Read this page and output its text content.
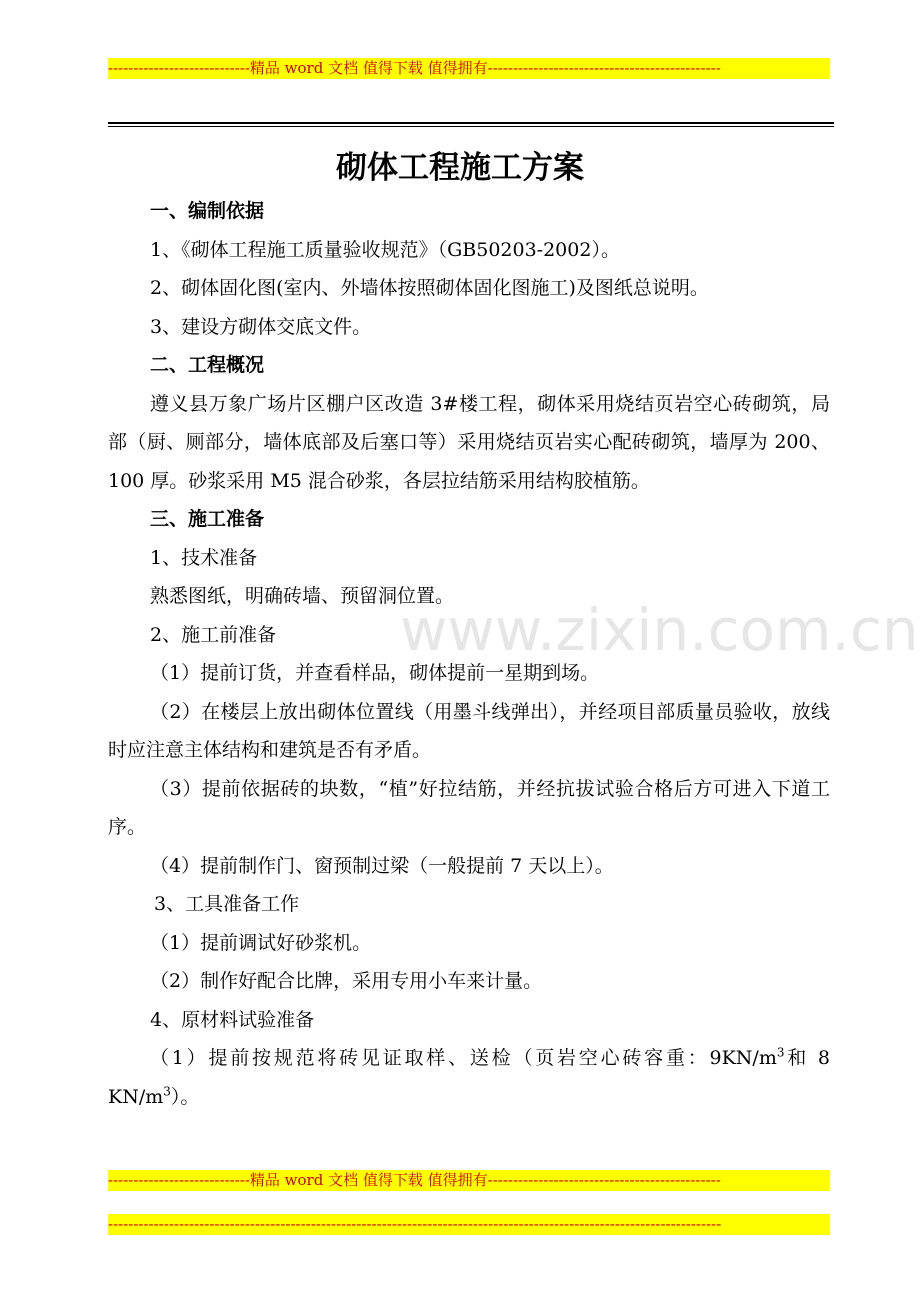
----------------------------精品 word 文档 值得下载 值得拥有----------------------------------------------
www.zixin.com.cn
砌体工程施工方案

一、编制依据

1、《砌体工程施工质量验收规范》（GB50203-2002）。

2、砌体固化图(室内、外墙体按照砌体固化图施工)及图纸总说明。

3、建设方砌体交底文件。

二、工程概况

遵义县万象广场片区棚户区改造 3#楼工程，砌体采用烧结页岩空心砖砌筑，局部（厨、厕部分，墙体底部及后塞口等）采用烧结页岩实心配砖砌筑，墙厚为 200、100 厚。砂浆采用 M5 混合砂浆，各层拉结筋采用结构胶植筋。

三、施工准备

1、技术准备

熟悉图纸，明确砖墙、预留洞位置。

2、施工前准备

（1）提前订货，并查看样品，砌体提前一星期到场。

（2）在楼层上放出砌体位置线（用墨斗线弹出），并经项目部质量员验收，放线时应注意主体结构和建筑是否有矛盾。

（3）提前依据砖的块数，“植”好拉结筋，并经抗拔试验合格后方可进入下道工序。

（4）提前制作门、窗预制过梁（一般提前 7 天以上）。

3、工具准备工作

（1）提前调试好砂浆机。

（2）制作好配合比牌，采用专用小车来计量。

4、原材料试验准备

（1）提前按规范将砖见证取样、送检（页岩空心砖容重：$9KN/m^3$和 8 $KN/m^3$）。

----------------------------精品 word 文档 值得下载 值得拥有----------------------------------------------
-------------------------------------------------------------------------------------------------------------------------
